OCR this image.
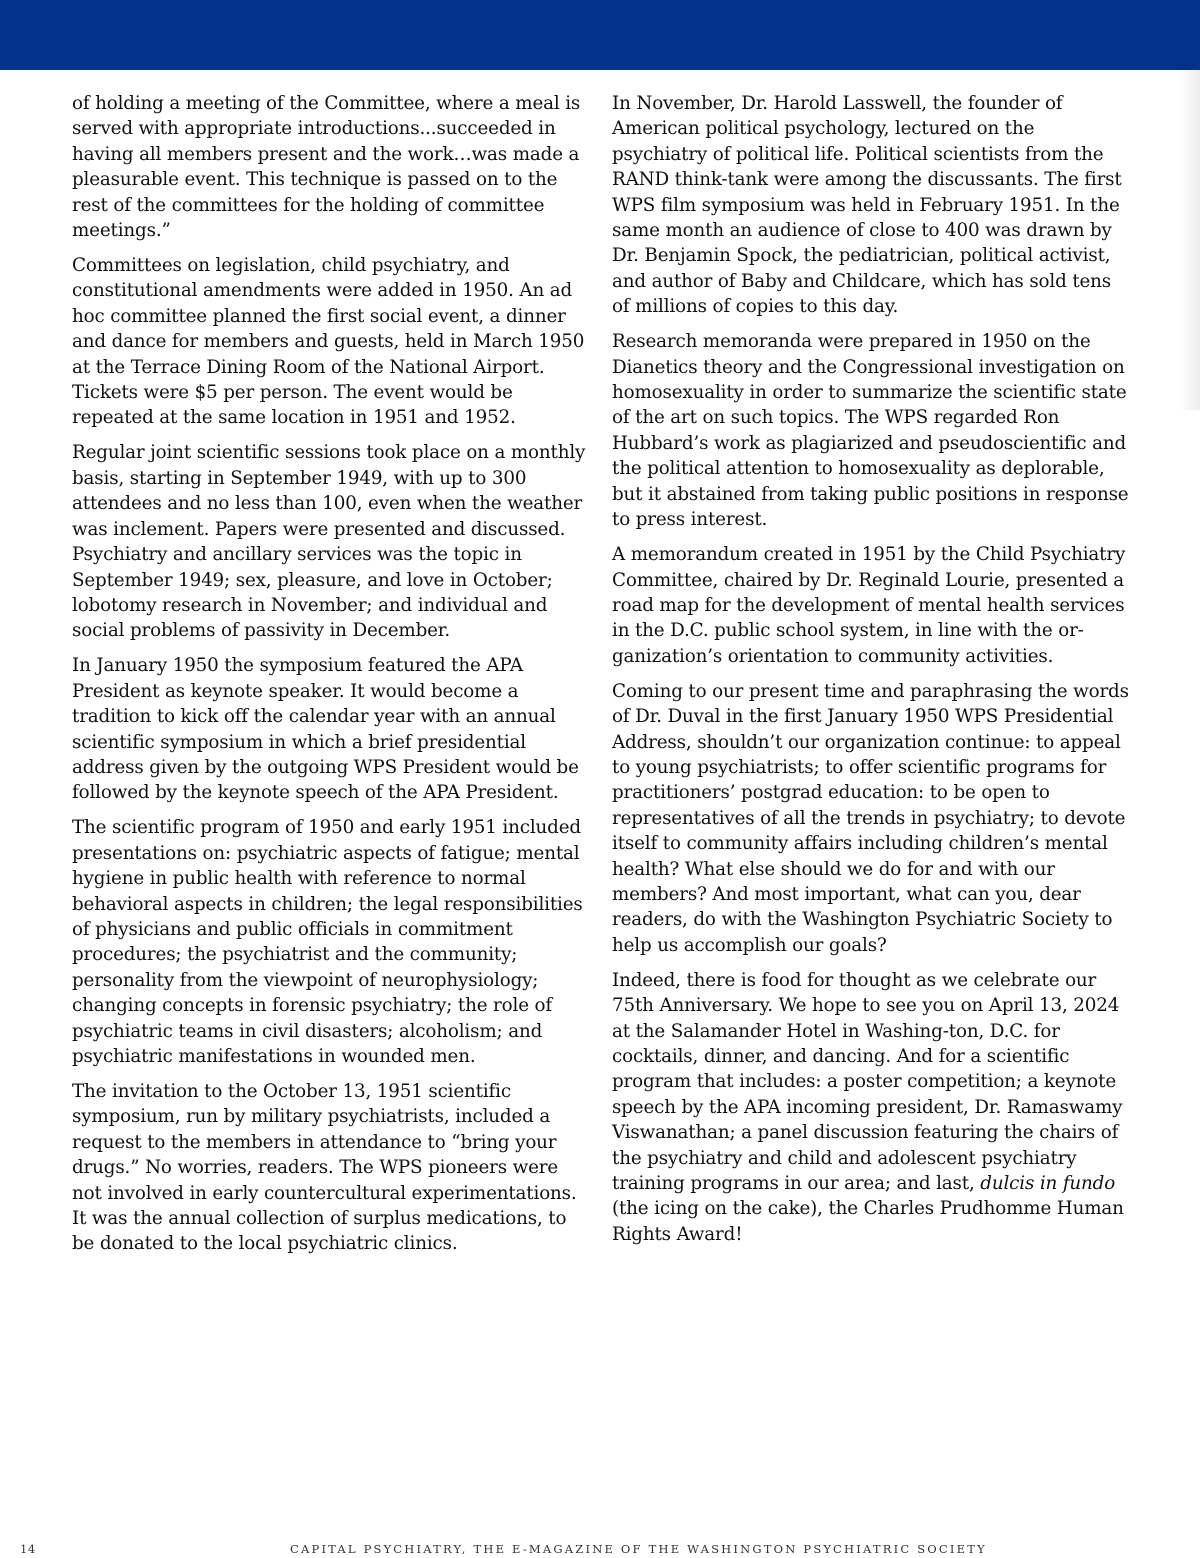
of holding a meeting of the Committee, where a meal is served with appropriate introductions...succeeded in having all members present and the work…was made a pleasurable event. This technique is passed on to the rest of the committees for the holding of committee meetings.”

Committees on legislation, child psychiatry, and constitutional amendments were added in 1950. An ad hoc committee planned the first social event, a dinner and dance for members and guests, held in March 1950 at the Terrace Dining Room of the National Airport. Tickets were $5 per person. The event would be repeated at the same location in 1951 and 1952.

Regular joint scientific sessions took place on a monthly basis, starting in September 1949, with up to 300 attendees and no less than 100, even when the weather was inclement. Papers were presented and discussed. Psychiatry and ancillary services was the topic in September 1949; sex, pleasure, and love in October; lobotomy research in November; and individual and social problems of passivity in December.

In January 1950 the symposium featured the APA President as keynote speaker. It would become a tradition to kick off the calendar year with an annual scientific symposium in which a brief presidential address given by the outgoing WPS President would be followed by the keynote speech of the APA President.

The scientific program of 1950 and early 1951 included presentations on: psychiatric aspects of fatigue; mental hygiene in public health with reference to normal behavioral aspects in children; the legal responsibilities of physicians and public officials in commitment procedures; the psychiatrist and the community; personality from the viewpoint of neurophysiology; changing concepts in forensic psychiatry; the role of psychiatric teams in civil disasters; alcoholism; and psychiatric manifestations in wounded men.

The invitation to the October 13, 1951 scientific symposium, run by military psychiatrists, included a request to the members in attendance to “bring your drugs.” No worries, readers. The WPS pioneers were not involved in early countercultural experimentations. It was the annual collection of surplus medications, to be donated to the local psychiatric clinics.

In November, Dr. Harold Lasswell, the founder of American political psychology, lectured on the psychiatry of political life. Political scientists from the RAND think-tank were among the discussants. The first WPS film symposium was held in February 1951. In the same month an audience of close to 400 was drawn by Dr. Benjamin Spock, the pediatrician, political activist, and author of Baby and Childcare, which has sold tens of millions of copies to this day.

Research memoranda were prepared in 1950 on the Dianetics theory and the Congressional investigation on homosexuality in order to summarize the scientific state of the art on such topics. The WPS regarded Ron Hubbard’s work as plagiarized and pseudoscientific and the political attention to homosexuality as deplorable, but it abstained from taking public positions in response to press interest.

A memorandum created in 1951 by the Child Psychiatry Committee, chaired by Dr. Reginald Lourie, presented a road map for the development of mental health services in the D.C. public school system, in line with the or-ganization’s orientation to community activities.

Coming to our present time and paraphrasing the words of Dr. Duval in the first January 1950 WPS Presidential Address, shouldn’t our organization continue: to appeal to young psychiatrists; to offer scientific programs for practitioners’ postgrad education: to be open to representatives of all the trends in psychiatry; to devote itself to community affairs including children’s mental health? What else should we do for and with our members? And most important, what can you, dear readers, do with the Washington Psychiatric Society to help us accomplish our goals?

Indeed, there is food for thought as we celebrate our 75th Anniversary. We hope to see you on April 13, 2024 at the Salamander Hotel in Washing-ton, D.C. for cocktails, dinner, and dancing. And for a scientific program that includes: a poster competition; a keynote speech by the APA incoming president, Dr. Ramaswamy Viswanathan; a panel discussion featuring the chairs of the psychiatry and child and adolescent psychiatry training programs in our area; and last, dulcis in fundo (the icing on the cake), the Charles Prudhomme Human Rights Award!

14	CAPITAL PSYCHIATRY, THE E-MAGAZINE OF THE WASHINGTON PSYCHIATRIC SOCIETY
